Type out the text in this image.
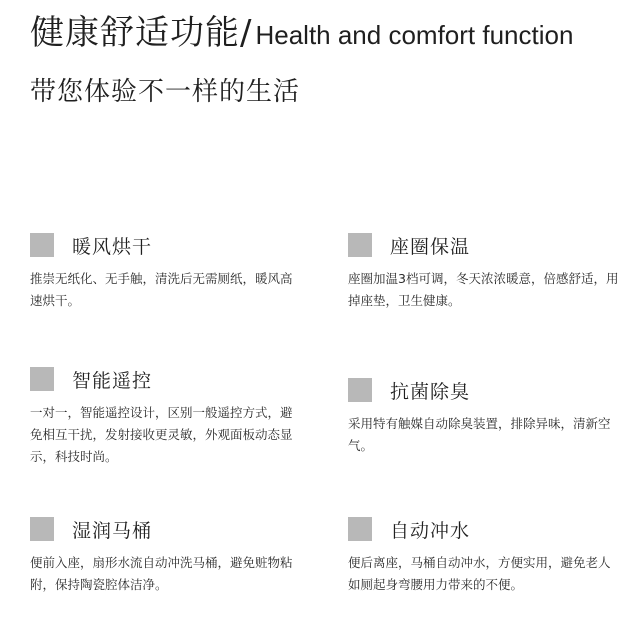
健康舒适功能/ Health and comfort function
带您体验不一样的生活
暖风烘干
推崇无纸化、无手触，清洗后无需厕纸，暖风高速烘干。
座圈保温
座圈加温3档可调，冬天浓浓暖意，倍感舒适，用掉座垫，卫生健康。
智能遥控
一对一，智能遥控设计，区别一般遥控方式，避免相互干扰，发射接收更灵敏，外观面板动态显示，科技时尚。
抗菌除臭
采用特有触媒自动除臭装置，排除异味，清新空气。
湿润马桶
便前入座，扇形水流自动冲洗马桶，避免赃物粘附，保持陶瓷腔体洁净。
自动冲水
便后离座，马桶自动冲水，方便实用，避免老人如厕起身弯腰用力带来的不便。
